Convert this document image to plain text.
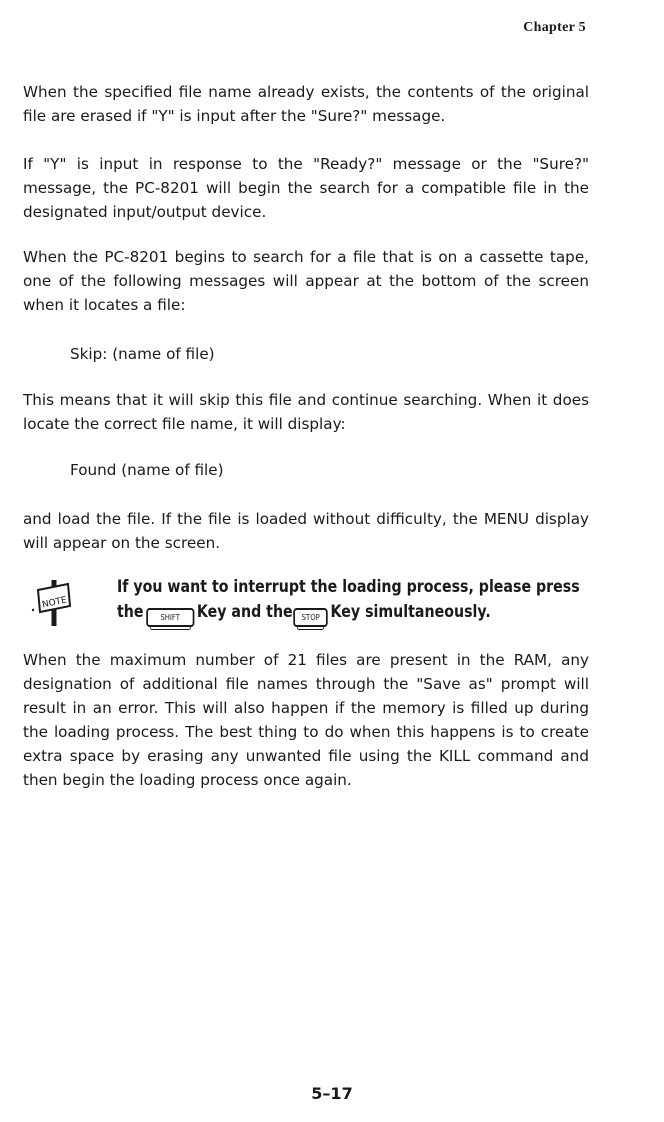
Chapter 5

When the specified file name already exists, the contents of the original file are erased if "Y" is input after the "Sure?" message.

If "Y" is input in response to the "Ready?" message or the "Sure?" message, the PC-8201 will begin the search for a compatible file in the designated input/output device.

When the PC-8201 begins to search for a file that is on a cassette tape, one of the following messages will appear at the bottom of the screen when it locates a file:

Skip: (name of file)

This means that it will skip this file and continue searching. When it does locate the correct file name, it will display:

Found (name of file)

and load the file. If the file is loaded without difficulty, the MENU display will appear on the screen.

NOTE
If you want to interrupt the loading process, please press
the SHIFT Key and the STOP Key simultaneously.

When the maximum number of 21 files are present in the RAM, any designation of additional file names through the "Save as" prompt will result in an error. This will also happen if the memory is filled up during the loading process. The best thing to do when this happens is to create extra space by erasing any unwanted file using the KILL command and then begin the loading process once again.

5–17
